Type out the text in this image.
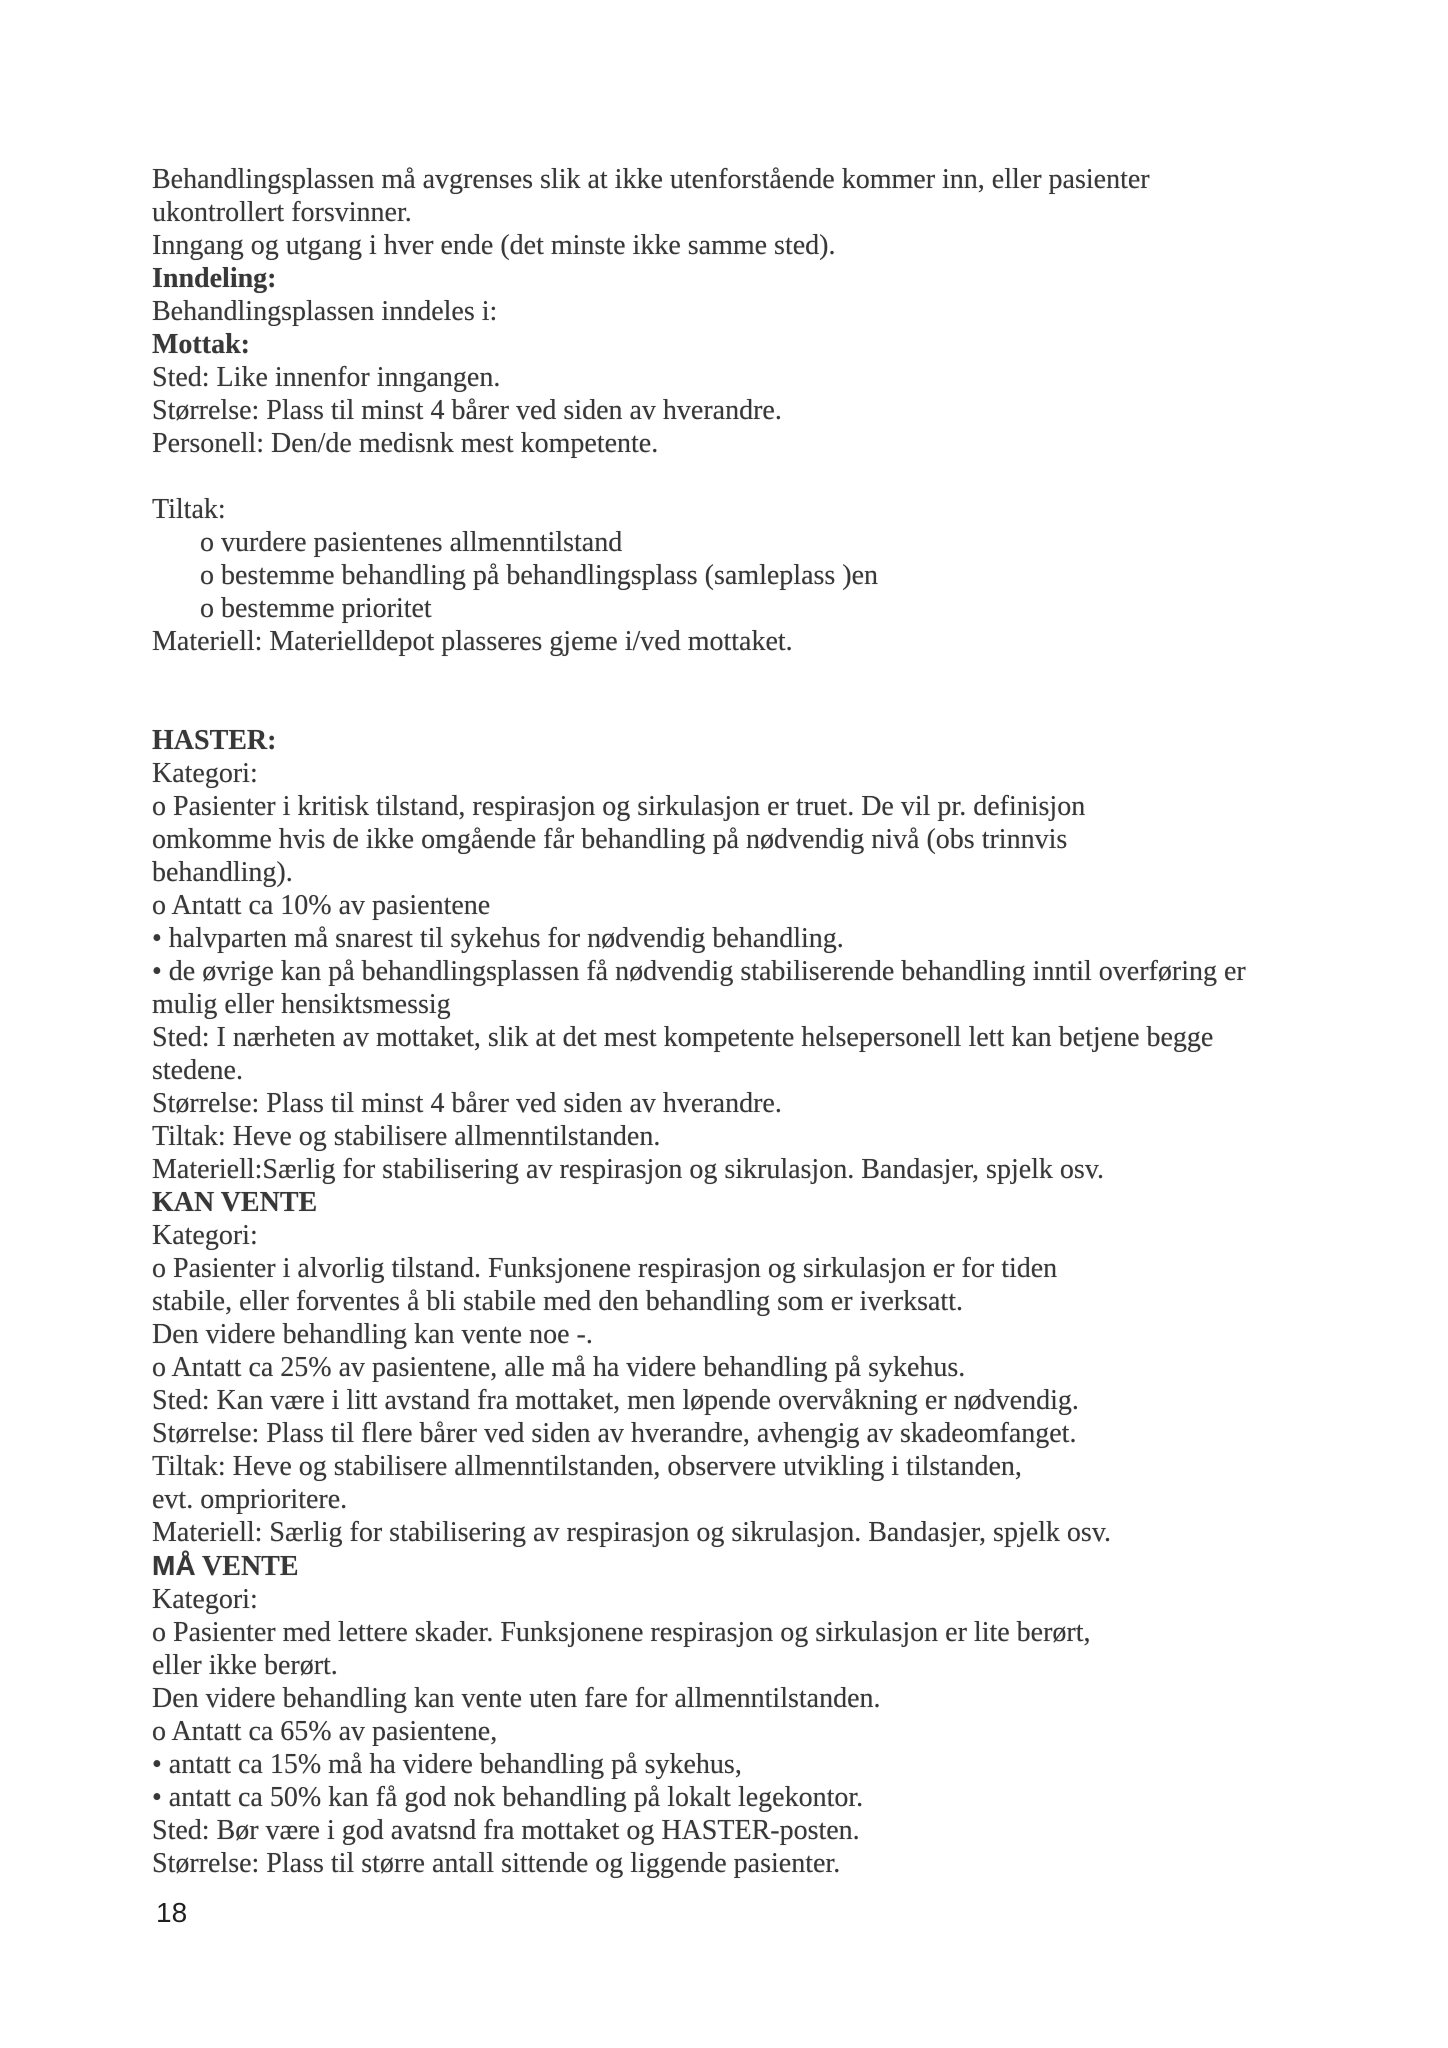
Behandlingsplassen må avgrenses slik at ikke utenforstående kommer inn, eller pasienter
ukontrollert forsvinner.
Inngang og utgang i hver ende (det minste ikke samme sted).
Inndeling:
Behandlingsplassen inndeles i:
Mottak:
Sted: Like innenfor inngangen.
Størrelse: Plass til minst 4 bårer ved siden av hverandre.
Personell: Den/de medisnk mest kompetente.

Tiltak:
o vurdere pasientenes allmenntilstand
o bestemme behandling på behandlingsplass (samleplass )en
o bestemme prioritet
Materiell: Materielldepot plasseres gjeme i/ved mottaket.

HASTER:
Kategori:
o Pasienter i kritisk tilstand, respirasjon og sirkulasjon er truet. De vil pr. definisjon
omkomme hvis de ikke omgående får behandling på nødvendig nivå (obs trinnvis
behandling).
o Antatt ca 10% av pasientene
• halvparten må snarest til sykehus for nødvendig behandling.
• de øvrige kan på behandlingsplassen få nødvendig stabiliserende behandling inntil overføring er
mulig eller hensiktsmessig
Sted: I nærheten av mottaket, slik at det mest kompetente helsepersonell lett kan betjene begge
stedene.
Størrelse: Plass til minst 4 bårer ved siden av hverandre.
Tiltak: Heve og stabilisere allmenntilstanden.
Materiell:Særlig for stabilisering av respirasjon og sikrulasjon. Bandasjer, spjelk osv.
KAN VENTE
Kategori:
o Pasienter i alvorlig tilstand. Funksjonene respirasjon og sirkulasjon er for tiden
stabile, eller forventes å bli stabile med den behandling som er iverksatt.
Den videre behandling kan vente noe -.
o Antatt ca 25% av pasientene, alle må ha videre behandling på sykehus.
Sted: Kan være i litt avstand fra mottaket, men løpende overvåkning er nødvendig.
Størrelse: Plass til flere bårer ved siden av hverandre, avhengig av skadeomfanget.
Tiltak: Heve og stabilisere allmenntilstanden, observere utvikling i tilstanden,
evt. omprioritere.
Materiell: Særlig for stabilisering av respirasjon og sikrulasjon. Bandasjer, spjelk osv.
MÅ VENTE
Kategori:
o Pasienter med lettere skader. Funksjonene respirasjon og sirkulasjon er lite berørt,
eller ikke berørt.
Den videre behandling kan vente uten fare for allmenntilstanden.
o Antatt ca 65% av pasientene,
• antatt ca 15% må ha videre behandling på sykehus,
• antatt ca 50% kan få god nok behandling på lokalt legekontor.
Sted: Bør være i god avatsnd fra mottaket og HASTER-posten.
Størrelse: Plass til større antall sittende og liggende pasienter.
18
